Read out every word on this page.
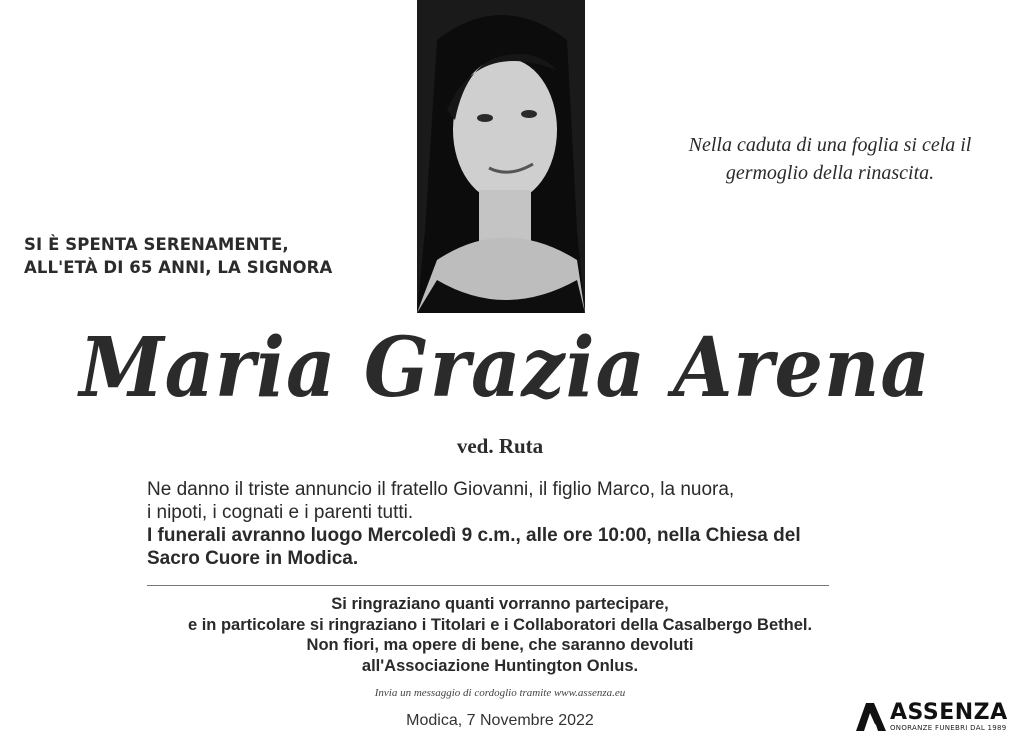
Nella caduta di una foglia si cela il
germoglio della rinascita.
SI È SPENTA SERENAMENTE,
ALL'ETÀ DI 65 ANNI, LA SIGNORA
Maria Grazia Arena
ved. Ruta
Ne danno il triste annuncio il fratello Giovanni, il figlio Marco, la nuora,
i nipoti, i cognati e i parenti tutti.
I funerali avranno luogo Mercoledì 9 c.m., alle ore 10:00, nella Chiesa del
Sacro Cuore in Modica.
Si ringraziano quanti vorranno partecipare,
e in particolare si ringraziano i Titolari e i Collaboratori della Casalbergo Bethel.
Non fiori, ma opere di bene, che saranno devoluti
all'Associazione Huntington Onlus.
Invia un messaggio di cordoglio tramite www.assenza.eu
Modica, 7 Novembre 2022	ASSENZA
ONORANZE FUNEBRI DAL 1989
